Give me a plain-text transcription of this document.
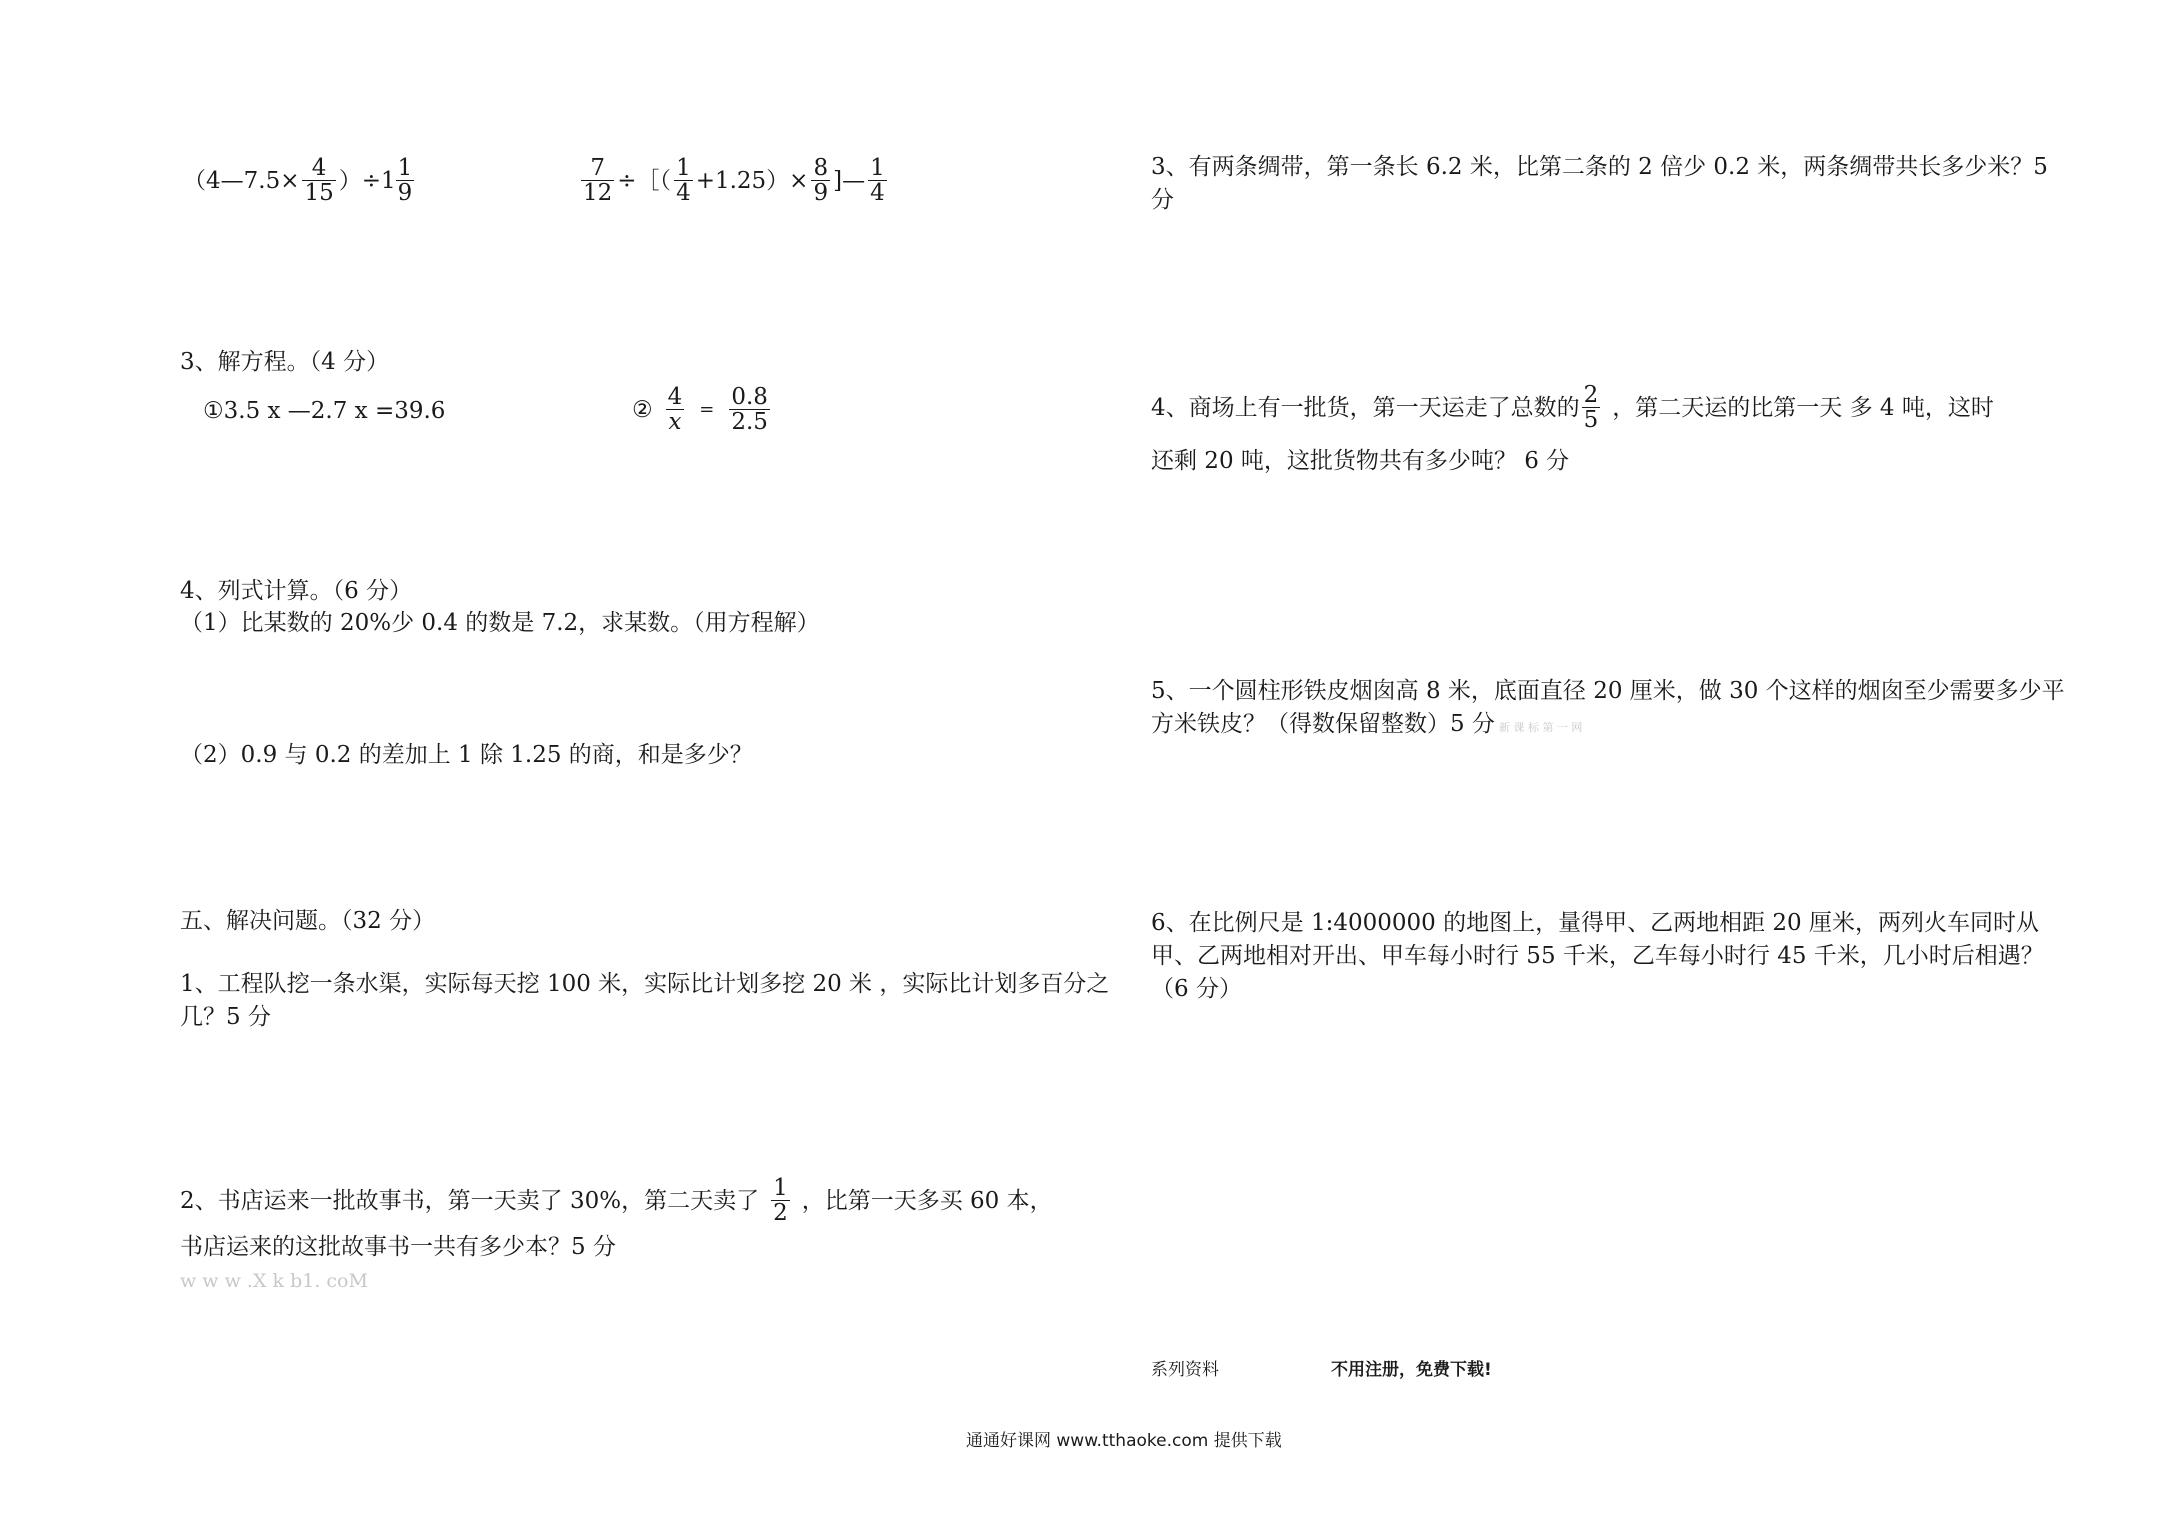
（4—7.5× $\frac{4}{15} )\div 1 \frac{1}{9}$	$\frac{7}{12}$ ÷［（ $\frac{1}{4} +1.25)\times \frac{8}{9}$ ]— $\frac{1}{4}$
3、解方程。（4 分）
①3.5 x —2.7 x =39.6	② $\frac{4}{x} = \frac{0.8}{2.5}$
4、列式计算。（6 分）
（1）比某数的 20%少 0.4 的数是 7.2，求某数。（用方程解）
（2）0.9 与 0.2 的差加上 1 除 1.25 的商，和是多少？
五、解决问题。（32 分）
1、工程队挖一条水渠，实际每天挖 100 米，实际比计划多挖 20 米 ，实际比计划多百分之几？5 分
2、书店运来一批故事书，第一天卖了 30%，第二天卖了 $\frac{1}{2}$ ，比第一天多买 60 本，
书店运来的这批故事书一共有多少本？5 分
w w w .X k b1. coM
3、有两条绸带，第一条长 6.2 米，比第二条的 2 倍少 0.2 米，两条绸带共长多少米？5 分
4、商场上有一批货，第一天运走了总数的 $\frac{2}{5}$ ，第二天运的比第一天 多 4 吨，这时
还剩 20 吨，这批货物共有多少吨？ 6 分
5、一个圆柱形铁皮烟囱高 8 米，底面直径 20 厘米，做 30 个这样的烟囱至少需要多少平方米铁皮？（得数保留整数）5 分 新 课 标 第 一 网
6、在比例尺是 1:4000000 的地图上，量得甲、乙两地相距 20 厘米，两列火车同时从甲、乙两地相对开出、甲车每小时行 55 千米，乙车每小时行 45 千米，几小时后相遇？（6 分）
系列资料	不用注册，免费下载!
通通好课网 www.tthaoke.com 提供下载
